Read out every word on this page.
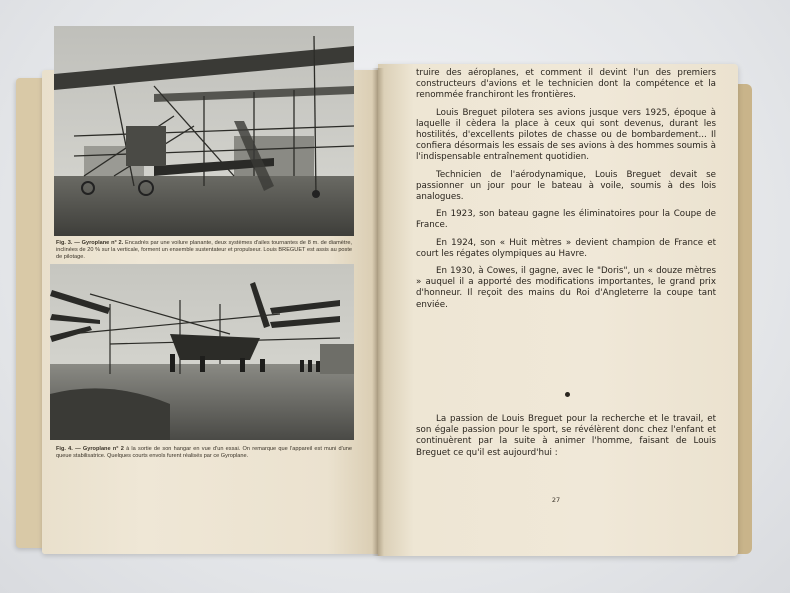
Fig. 3. — Gyroplane n° 2. Encadrés par une voilure planante, deux systèmes d'ailes tournantes de 8 m. de diamètre, inclinées de 20 % sur la verticale, forment un ensemble sustentateur et propulseur. Louis BREGUET est assis au poste de pilotage.
Fig. 4. — Gyroplane n° 2 à la sortie de son hangar en vue d'un essai. On remarque que l'appareil est muni d'une queue stabilisatrice. Quelques courts envols furent réalisés par ce Gyroplane.

truire des aéroplanes, et comment il devint l'un des premiers constructeurs d'avions et le technicien dont la compétence et la renommée franchiront les frontières.

Louis Breguet pilotera ses avions jusque vers 1925, époque à laquelle il cèdera la place à ceux qui sont devenus, durant les hostilités, d'excellents pilotes de chasse ou de bombardement... Il confiera désormais les essais de ses avions à des hommes soumis à l'indispensable entraînement quotidien.

Technicien de l'aérodynamique, Louis Breguet devait se passionner un jour pour le bateau à voile, soumis à des lois analogues.

En 1923, son bateau gagne les éliminatoires pour la Coupe de France.

En 1924, son « Huit mètres » devient champion de France et court les régates olympiques au Havre.

En 1930, à Cowes, il gagne, avec le "Doris", un « douze mètres » auquel il a apporté des modifications importantes, le grand prix d'honneur. Il reçoit des mains du Roi d'Angleterre la coupe tant enviée.

La passion de Louis Breguet pour la recherche et le travail, et son égale passion pour le sport, se révélèrent donc chez l'enfant et continuèrent par la suite à animer l'homme, faisant de Louis Breguet ce qu'il est aujourd'hui :

27
